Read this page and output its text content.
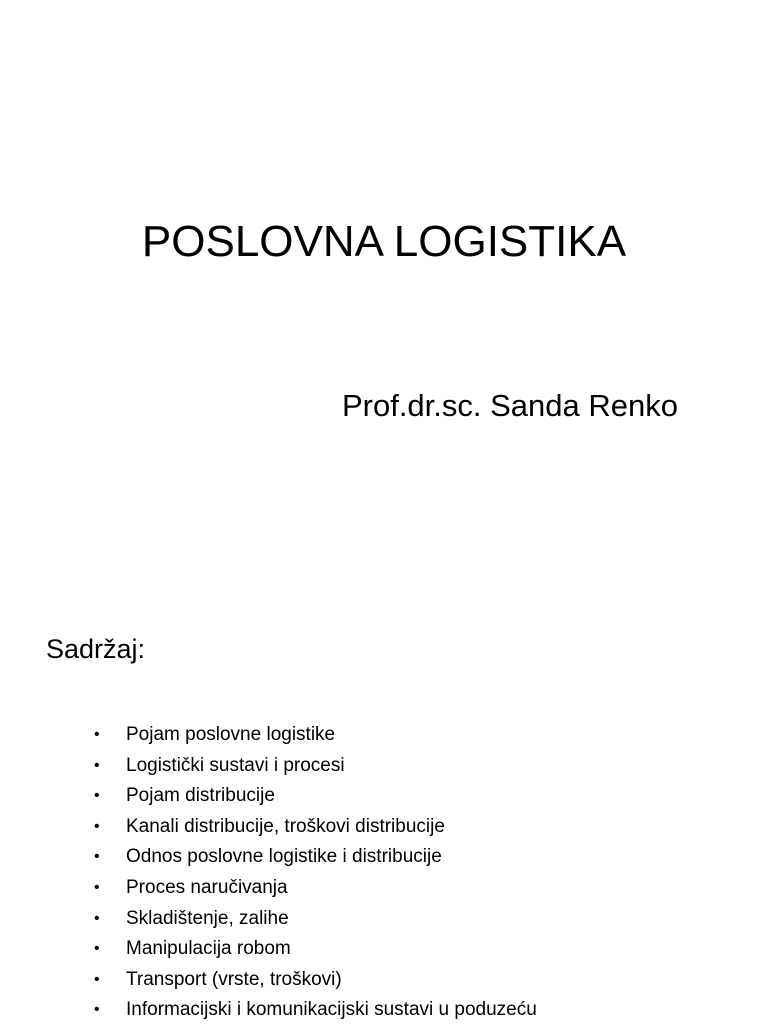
POSLOVNA LOGISTIKA
Prof.dr.sc. Sanda Renko
Sadržaj:
•	Pojam poslovne logistike
•	Logistički sustavi i procesi
•	Pojam distribucije
•	Kanali distribucije, troškovi distribucije
•	Odnos poslovne logistike i distribucije
•	Proces naručivanja
•	Skladištenje, zalihe
•	Manipulacija robom
•	Transport (vrste, troškovi)
•	Informacijski i komunikacijski sustavi u poduzeću
